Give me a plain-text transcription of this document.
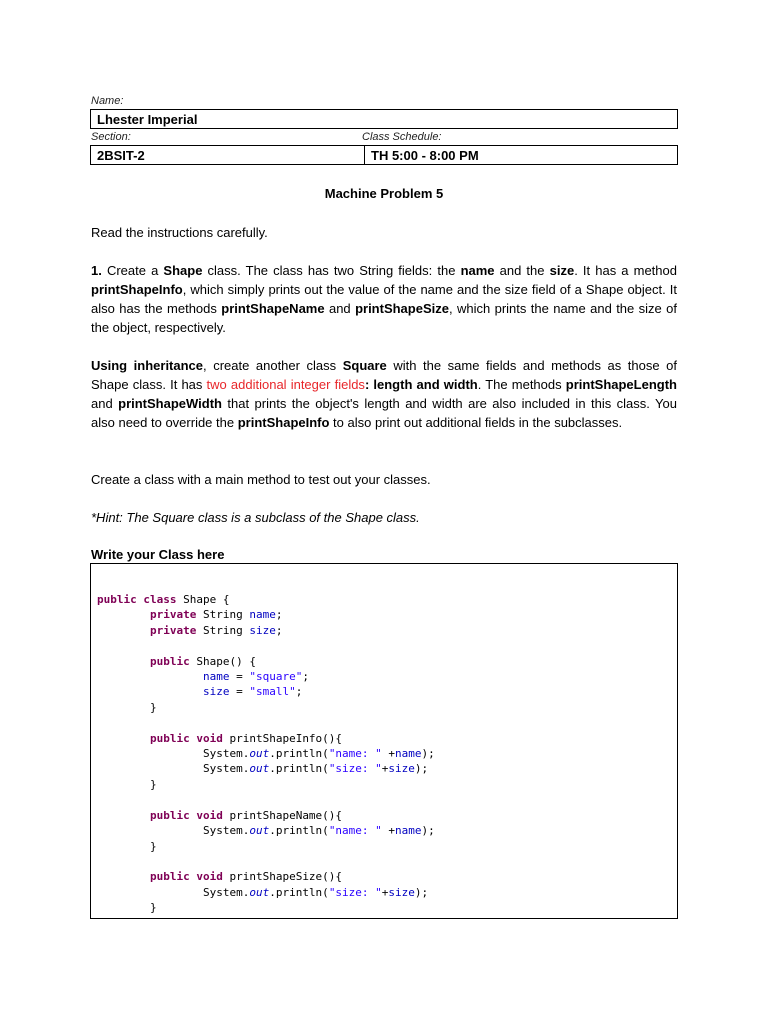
Name:
Lhester Imperial
Section:	Class Schedule:
2BSIT-2	TH 5:00 - 8:00 PM
Machine Problem 5
Read the instructions carefully.
1. Create a Shape class. The class has two String fields: the name and the size. It has a method printShapeInfo, which simply prints out the value of the name and the size field of a Shape object. It also has the methods printShapeName and printShapeSize, which prints the name and the size of the object, respectively.
Using inheritance, create another class Square with the same fields and methods as those of Shape class. It has two additional integer fields: length and width. The methods printShapeLength and printShapeWidth that prints the object's length and width are also included in this class. You also need to override the printShapeInfo to also print out additional fields in the subclasses.
Create a class with a main method to test out your classes.
*Hint: The Square class is a subclass of the Shape class.
Write your Class here
public class Shape {
private String name;
private String size;

public Shape() {
name = "square";
size = "small";
}

public void printShapeInfo(){
System.out.println("name: " +name);
System.out.println("size: "+size);
}

public void printShapeName(){
System.out.println("name: " +name);
}

public void printShapeSize(){
System.out.println("size: "+size);
}
